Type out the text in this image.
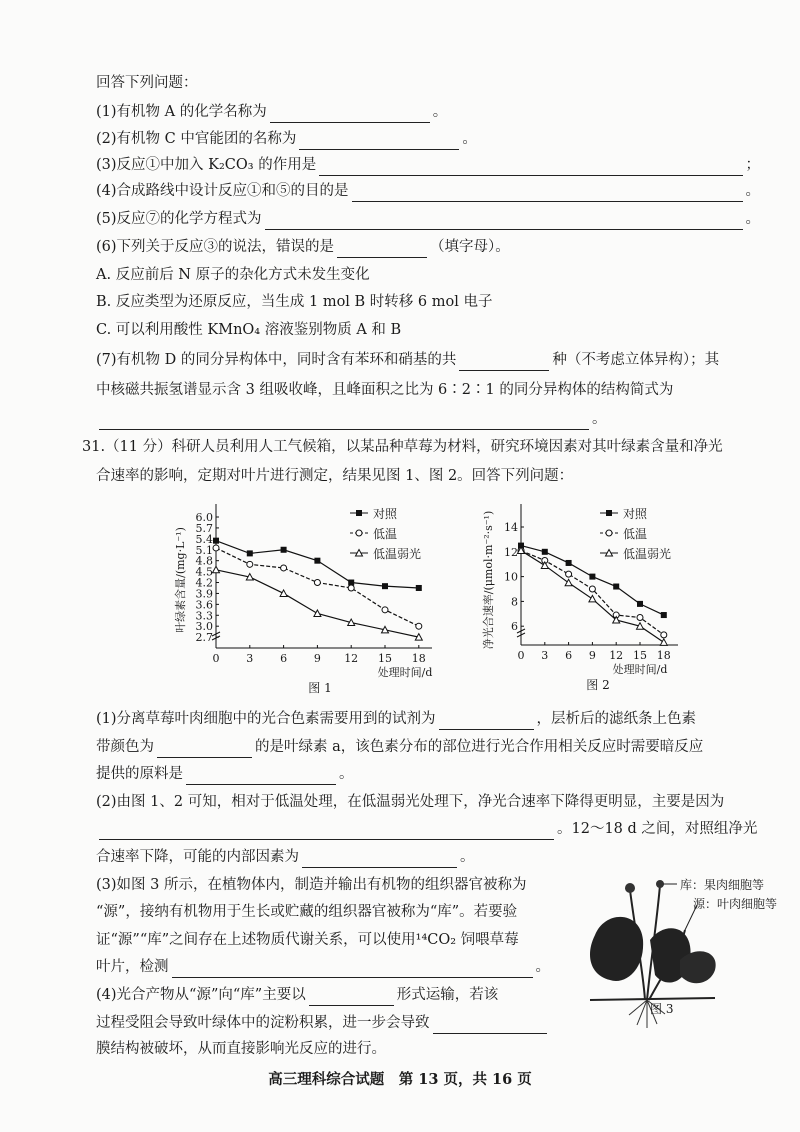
回答下列问题：
(1)有机物 A 的化学名称为	。
(2)有机物 C 中官能团的名称为	。
(3)反应①中加入 K₂CO₃ 的作用是	；
(4)合成路线中设计反应①和⑤的目的是	。
(5)反应⑦的化学方程式为	。
(6)下列关于反应③的说法，错误的是	（填字母）。
A. 反应前后 N 原子的杂化方式未发生变化
B. 反应类型为还原反应，当生成 1 mol B 时转移 6 mol 电子
C. 可以利用酸性 KMnO₄ 溶液鉴别物质 A 和 B
(7)有机物 D 的同分异构体中，同时含有苯环和硝基的共	种（不考虑立体异构）；其
中核磁共振氢谱显示含 3 组吸收峰，且峰面积之比为 6∶2∶1 的同分异构体的结构简式为
。
31.（11 分）科研人员利用人工气候箱，以某品种草莓为材料，研究环境因素对其叶绿素含量和净光
合速率的影响，定期对叶片进行测定，结果见图 1、图 2。回答下列问题：
6.0
5.7
5.4
5.1
4.8
4.5
4.2
3.9
3.6
3.3
3.0
2.7
0 3 6 9 12 15 18
处理时间/d
叶绿素含量/(mg·L⁻¹)
图 1
对照
低温
低温弱光
14
12
10
8
6
0 3 6 9 12 15 18
处理时间/d
净光合速率/(μmol·m⁻²·s⁻¹)
图 2
对照
低温
低温弱光
(1)分离草莓叶肉细胞中的光合色素需要用到的试剂为	，层析后的滤纸条上色素
带颜色为	的是叶绿素 a，该色素分布的部位进行光合作用相关反应时需要暗反应
提供的原料是	。
(2)由图 1、2 可知，相对于低温处理，在低温弱光处理下，净光合速率下降得更明显，主要是因为
。12～18 d 之间，对照组净光
合速率下降，可能的内部因素为	。
(3)如图 3 所示，在植物体内，制造并输出有机物的组织器官被称为
“源”，接纳有机物用于生长或贮藏的组织器官被称为“库”。若要验
证“源”“库”之间存在上述物质代谢关系，可以使用¹⁴CO₂ 饲喂草莓
叶片，检测	。
(4)光合产物从“源”向“库”主要以	形式运输，若该
过程受阻会导致叶绿体中的淀粉积累，进一步会导致
膜结构被破坏，从而直接影响光反应的进行。
库：果肉细胞等
源：叶肉细胞等
图 3
高三理科综合试题　第 13 页，共 16 页
